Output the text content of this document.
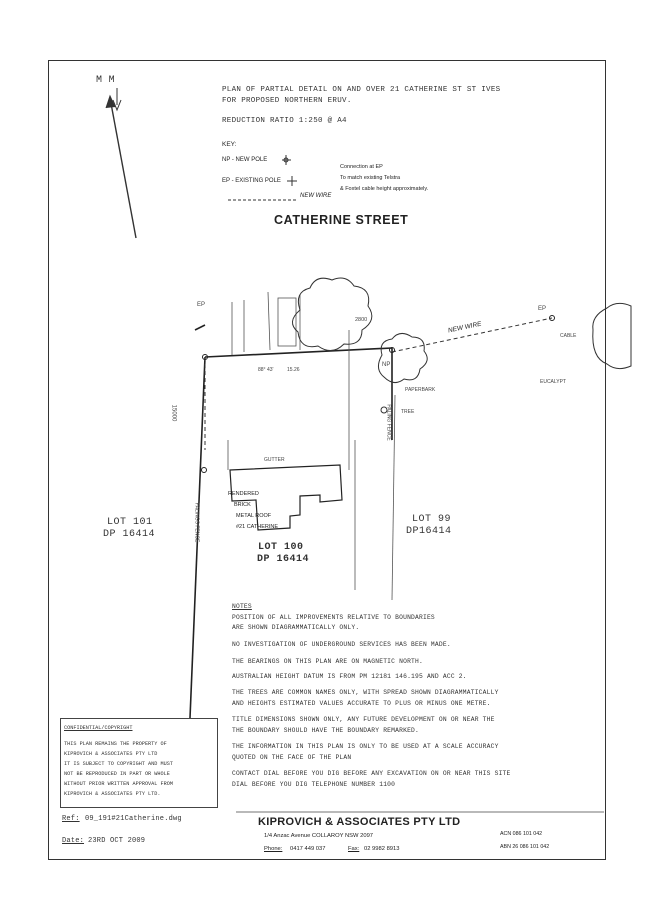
PLAN OF PARTIAL DETAIL ON AND OVER 21 CATHERINE ST ST IVES
FOR PROPOSED NORTHERN ERUV.
REDUCTION RATIO 1:250 @ A4
M M
KEY:
NP - NEW POLE
EP - EXISTING POLE
NEW WIRE
Connection at EP
To match existing Telstra
& Foxtel cable height approximately.
CATHERINE STREET
EP
EP
NP
CABLE
NEW WIRE
88° 43'	15.26
2800
15000
PAPERBARK
TREE
EUCALYPT
GUTTER
PALINGS FENCE
PALING FENCE
RENDERED
BRICK
METAL ROOF
#21 CATHERINE
LOT 101
DP 16414
LOT 100
DP 16414
LOT 99
DP16414
NOTES
POSITION OF ALL IMPROVEMENTS RELATIVE TO BOUNDARIES
ARE SHOWN DIAGRAMMATICALLY ONLY.
NO INVESTIGATION OF UNDERGROUND SERVICES HAS BEEN MADE.
THE BEARINGS ON THIS PLAN ARE ON MAGNETIC NORTH.
AUSTRALIAN HEIGHT DATUM IS FROM PM 12181 146.195 AND ACC 2.
THE TREES ARE COMMON NAMES ONLY, WITH SPREAD SHOWN DIAGRAMMATICALLY
AND HEIGHTS ESTIMATED VALUES ACCURATE TO PLUS OR MINUS ONE METRE.
TITLE DIMENSIONS SHOWN ONLY, ANY FUTURE DEVELOPMENT ON OR NEAR THE
THE BOUNDARY SHOULD HAVE THE BOUNDARY REMARKED.
THE INFORMATION IN THIS PLAN IS ONLY TO BE USED AT A SCALE ACCURACY
QUOTED ON THE FACE OF THE PLAN
CONTACT DIAL BEFORE YOU DIG BEFORE ANY EXCAVATION ON OR NEAR THIS SITE
DIAL BEFORE YOU DIG TELEPHONE NUMBER 1100
CONFIDENTIAL/COPYRIGHT
THIS PLAN REMAINS THE PROPERTY OF
KIPROVICH & ASSOCIATES PTY LTD
IT IS SUBJECT TO COPYRIGHT AND MUST
NOT BE REPRODUCED IN PART OR WHOLE
WITHOUT PRIOR WRITTEN APPROVAL FROM
KIPROVICH & ASSOCIATES PTY LTD.
Ref: 09_191#21Catherine.dwg
Date: 23RD OCT 2009
KIPROVICH & ASSOCIATES PTY LTD
1/4 Anzac Avenue COLLAROY NSW 2097
Phone: 0417 449 037	Fax: 02 9982 8913
ACN 086 101 042
ABN 26 086 101 042
